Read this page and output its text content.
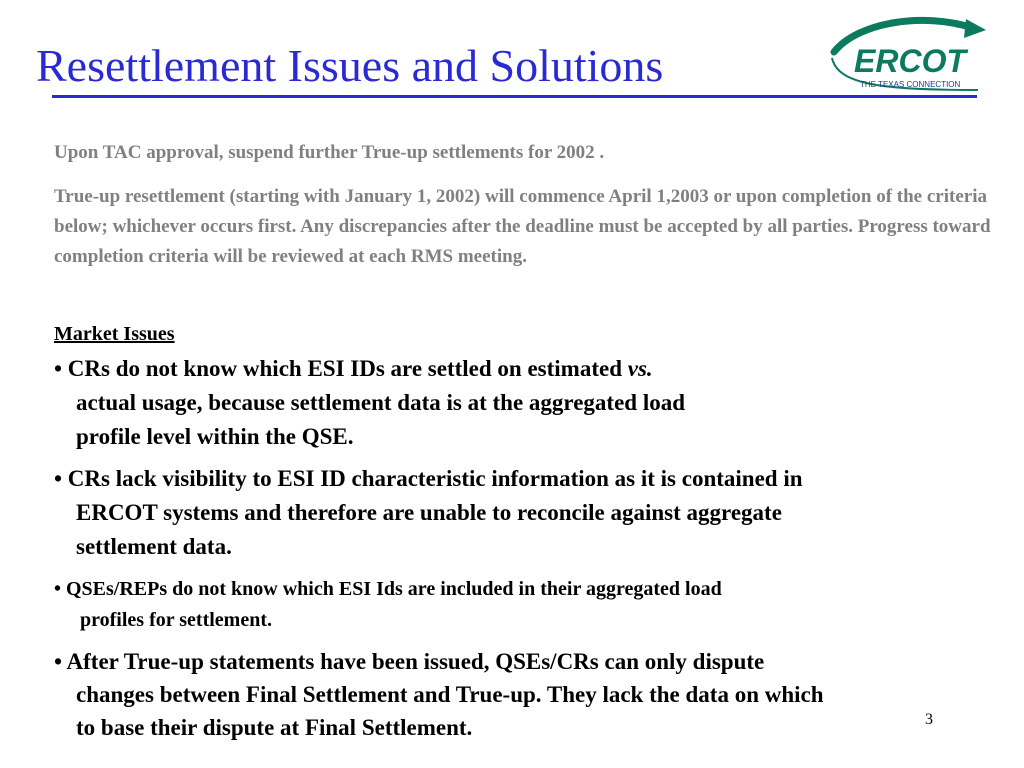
Resettlement Issues and Solutions	ERCOT
THE TEXAS CONNECTION
Upon TAC approval, suspend further True-up settlements for 2002 .
True-up resettlement (starting with January 1, 2002) will commence April 1,2003 or upon completion of the criteria below; whichever occurs first. Any discrepancies after the deadline must be accepted by all parties. Progress toward completion criteria will be reviewed at each RMS meeting.
Market Issues
• CRs do not know which ESI IDs are settled on estimated vs.
actual usage, because settlement data is at the aggregated load
profile level within the QSE.
• CRs lack visibility to ESI ID characteristic information as it is contained in
ERCOT systems and therefore are unable to reconcile against aggregate
settlement data.
• QSEs/REPs do not know which ESI Ids are included in their aggregated load
profiles for settlement.
• After True-up statements have been issued, QSEs/CRs can only dispute
changes between Final Settlement and True-up. They lack the data on which
to base their dispute at Final Settlement.	3
